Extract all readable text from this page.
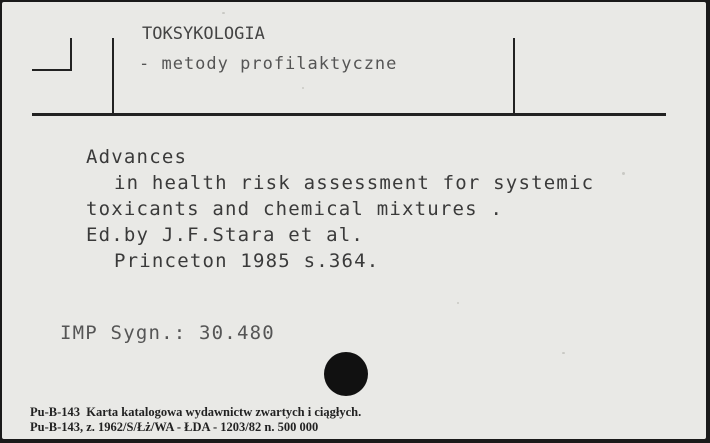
TOKSYKOLOGIA
- metody profilaktyczne
Advances
in health risk assessment for systemic
toxicants and chemical mixtures .
Ed.by J.F.Stara et al.
Princeton 1985 s.364.
IMP Sygn.: 30.480
Pu-B-143  Karta katalogowa wydawnictw zwartych i ciągłych.
Pu-B-143, z. 1962/S/Łż/WA - ŁDA - 1203/82 n. 500 000
